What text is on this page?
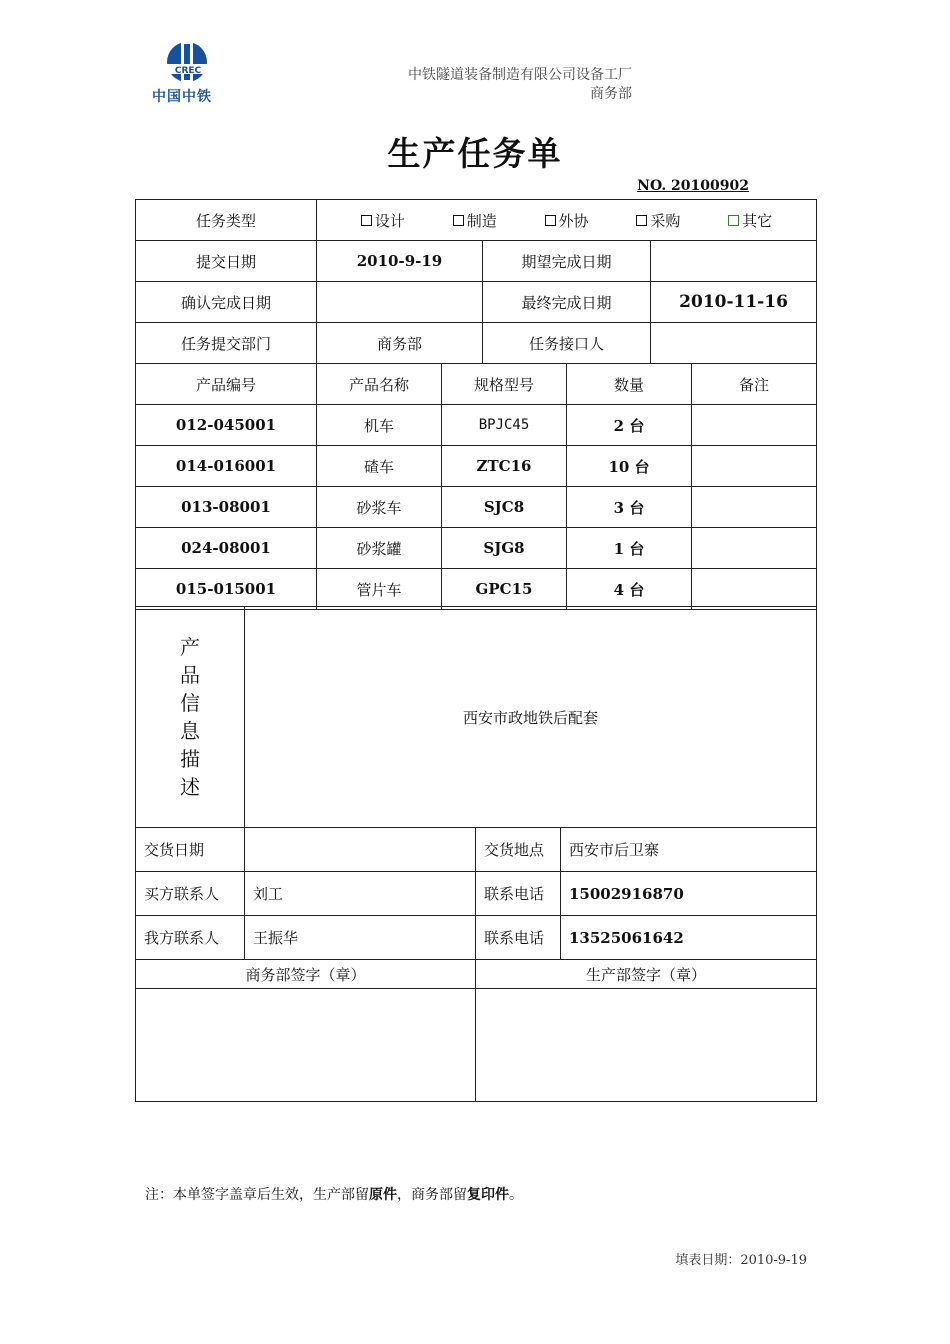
CREC
中国中铁
中铁隧道装备制造有限公司设备工厂
商务部
生产任务单
NO. 20100902
任务类型	设计 制造 外协 采购 其它					

提交日期	2010-9-19		期望完成日期			
确认完成日期			最终完成日期		2010-11-16	
任务提交部门	商务部		任务接口人			
产品编号	产品名称	规格型号		数量		备注
012-045001	机车	BPJC45		2 台		
014-016001	碴车	ZTC16		10 台		
013-08001	砂浆车	SJC8		3 台		
024-08001	砂浆罐	SJG8		1 台		
015-015001	管片车	GPC15		4 台		
产品信息描述	西安市政地铁后配套		
交货日期		交货地点	西安市后卫寨
买方联系人	刘工	联系电话	15002916870
我方联系人	王振华	联系电话	13525061642
商务部签字（章）		生产部签字（章）	

注：本单签字盖章后生效，生产部留原件，商务部留复印件。
填表日期：2010-9-19
